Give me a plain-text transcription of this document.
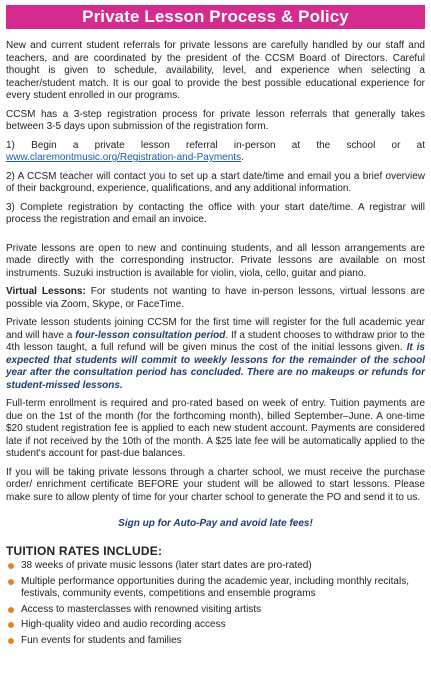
Private Lesson Process & Policy

New and current student referrals for private lessons are carefully handled by our staff and teachers, and are coordinated by the president of the CCSM Board of Directors. Careful thought is given to schedule, availability, level, and experience when selecting a teacher/student match. It is our goal to provide the best possible educational experience for every student enrolled in our programs.

CCSM has a 3-step registration process for private lesson referrals that generally takes between 3-5 days upon submission of the registration form.

1) Begin a private lesson referral in-person at the school or at www.claremontmusic.org/Registration-and-Payments.

2) A CCSM teacher will contact you to set up a start date/time and email you a brief overview of their background, experience, qualifications, and any additional information.

3) Complete registration by contacting the office with your start date/time. A registrar will process the registration and email an invoice.

Private lessons are open to new and continuing students, and all lesson arrangements are made directly with the corresponding instructor. Private lessons are available on most instruments. Suzuki instruction is available for violin, viola, cello, guitar and piano.

Virtual Lessons: For students not wanting to have in-person lessons, virtual lessons are possible via Zoom, Skype, or FaceTime.

Private lesson students joining CCSM for the first time will register for the full academic year and will have a four-lesson consultation period. If a student chooses to withdraw prior to the 4th lesson taught, a full refund will be given minus the cost of the initial lessons given. It is expected that students will commit to weekly lessons for the remainder of the school year after the consultation period has concluded. There are no makeups or refunds for student-missed lessons.

Full-term enrollment is required and pro-rated based on week of entry. Tuition payments are due on the 1st of the month (for the forthcoming month), billed September–June. A one-time $20 student registration fee is applied to each new student account. Payments are considered late if not received by the 10th of the month. A $25 late fee will be automatically applied to the student's account for past-due balances.

If you will be taking private lessons through a charter school, we must receive the purchase order/ enrichment certificate BEFORE your student will be allowed to start lessons. Please make sure to allow plenty of time for your charter school to generate the PO and send it to us.

Sign up for Auto-Pay and avoid late fees!
TUITION RATES INCLUDE:
38 weeks of private music lessons (later start dates are pro-rated)
Multiple performance opportunities during the academic year, including monthly recitals, festivals, community events, competitions and ensemble programs
Access to masterclasses with renowned visiting artists
High-quality video and audio recording access
Fun events for students and families
